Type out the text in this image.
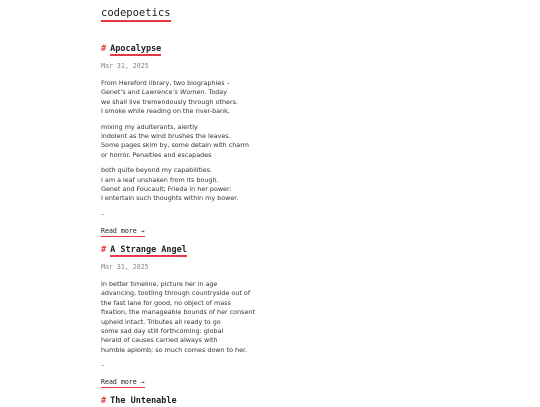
codepoetics
# Apocalypse
Mar 31, 2025
From Hereford library, two biographies –
Genet’s and Lawrence’s Women. Today
we shall live tremendously through others.
I smoke while reading on the river-bank,
mixing my adulterants, alertly
indolent as the wind brushes the leaves.
Some pages skim by, some detain with charm
or horror. Penalties and escapades
both quite beyond my capabilities.
I am a leaf unshaken from its bough.
Genet and Foucault; Frieda in her power:
I entertain such thoughts within my bower.
–
Read more →
# A Strange Angel
Mar 31, 2025
In better timeline, picture her in age
advancing, tootling through countryside out of
the fast lane for good, no object of mass
fixation, the manageable bounds of her consent
upheld intact. Tributes all ready to go
some sad day still forthcoming: global
herald of causes carried always with
humble aplomb; so much comes down to her.
–
Read more →
# The Untenable
